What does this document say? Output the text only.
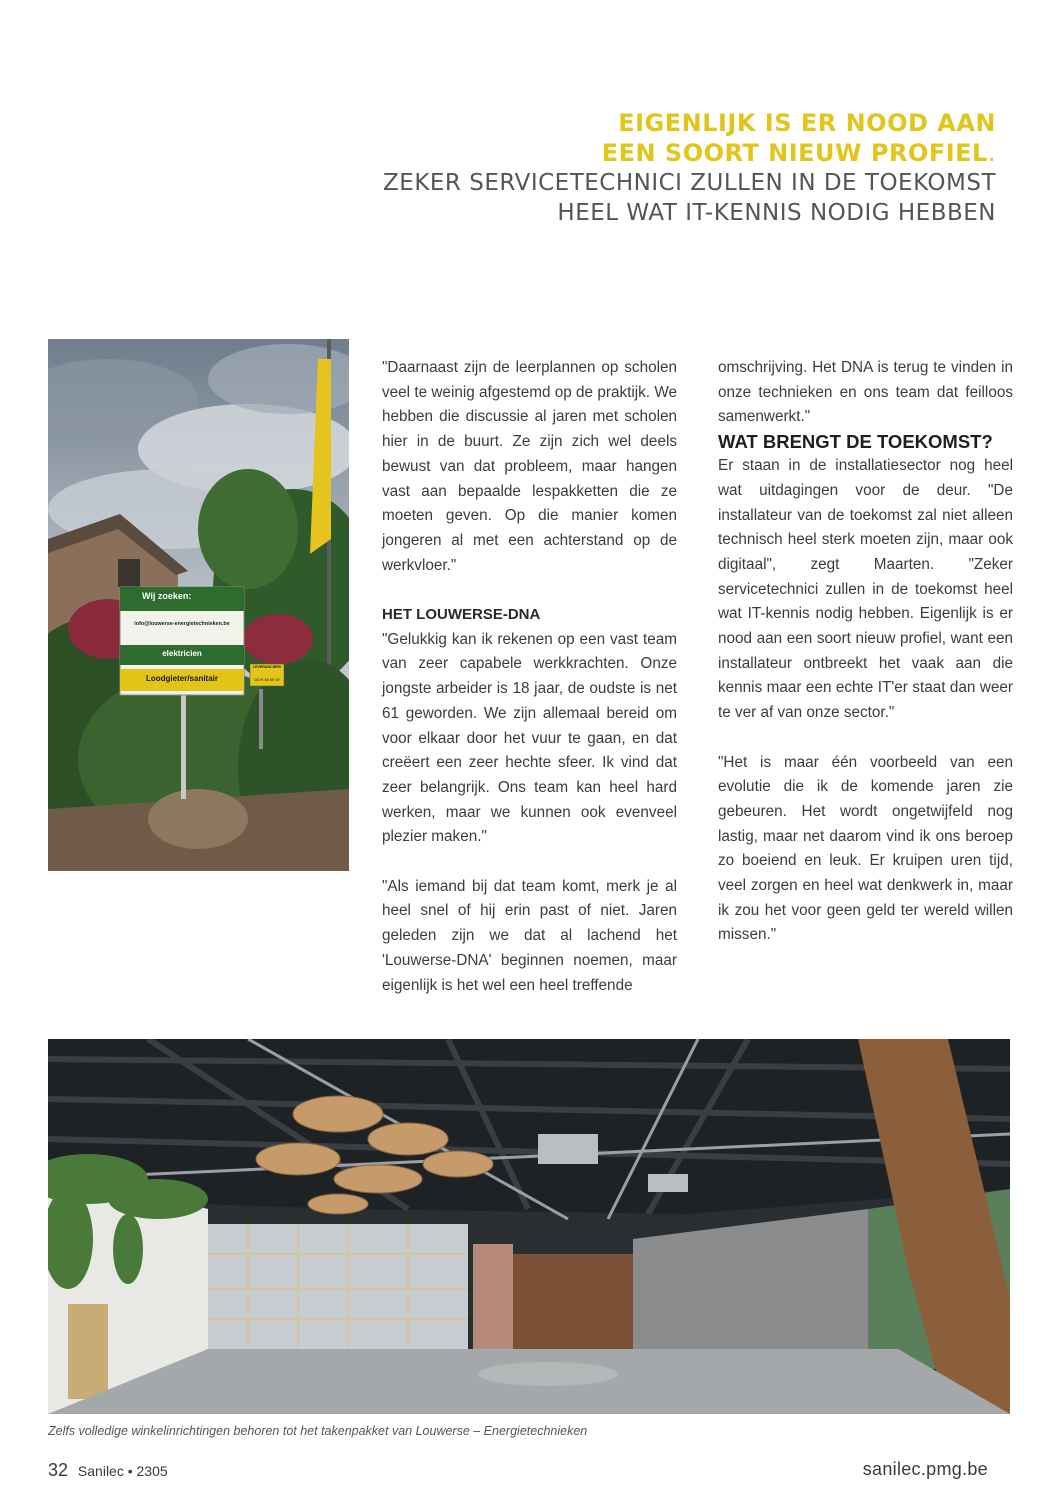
EIGENLIJK IS ER NOOD AAN
EEN SOORT NIEUW PROFIEL.
ZEKER SERVICETECHNICI ZULLEN IN DE TOEKOMST
HEEL WAT IT-KENNIS NODIG HEBBEN
Wij zoeken:
info@louwerse-energietechnieken.be
elektricien
Loodgieter/sanitair
LEVERANCIERS
0479 46 69 92

"Daarnaast zijn de leerplannen op scholen veel te weinig afgestemd op de praktijk. We hebben die discussie al jaren met scholen hier in de buurt. Ze zijn zich wel deels bewust van dat probleem, maar hangen vast aan bepaalde lespakketten die ze moeten geven. Op die manier komen jongeren al met een achterstand op de werkvloer."

HET LOUWERSE-DNA

"Gelukkig kan ik rekenen op een vast team van zeer capabele werkkrachten. Onze jongste arbeider is 18 jaar, de oudste is net 61 geworden. We zijn allemaal bereid om voor elkaar door het vuur te gaan, en dat creëert een zeer hechte sfeer. Ik vind dat zeer belangrijk. Ons team kan heel hard werken, maar we kunnen ook evenveel plezier maken."

"Als iemand bij dat team komt, merk je al heel snel of hij erin past of niet. Jaren geleden zijn we dat al lachend het 'Louwerse-DNA' beginnen noemen, maar eigenlijk is het wel een heel treffende

omschrijving. Het DNA is terug te vinden in onze technieken en ons team dat feilloos samenwerkt."

WAT BRENGT DE TOEKOMST?

Er staan in de installatiesector nog heel wat uitdagingen voor de deur. "De installateur van de toekomst zal niet alleen technisch heel sterk moeten zijn, maar ook digitaal", zegt Maarten. "Zeker servicetechnici zullen in de toekomst heel wat IT-kennis nodig hebben. Eigenlijk is er nood aan een soort nieuw profiel, want een installateur ontbreekt het vaak aan die kennis maar een echte IT'er staat dan weer te ver af van onze sector."

"Het is maar één voorbeeld van een evolutie die ik de komende jaren zie gebeuren. Het wordt ongetwijfeld nog lastig, maar net daarom vind ik ons beroep zo boeiend en leuk. Er kruipen uren tijd, veel zorgen en heel wat denkwerk in, maar ik zou het voor geen geld ter wereld willen missen."

Zelfs volledige winkelinrichtingen behoren tot het takenpakket van Louwerse – Energietechnieken
32 Sanilec • 2305	sanilec.pmg.be
